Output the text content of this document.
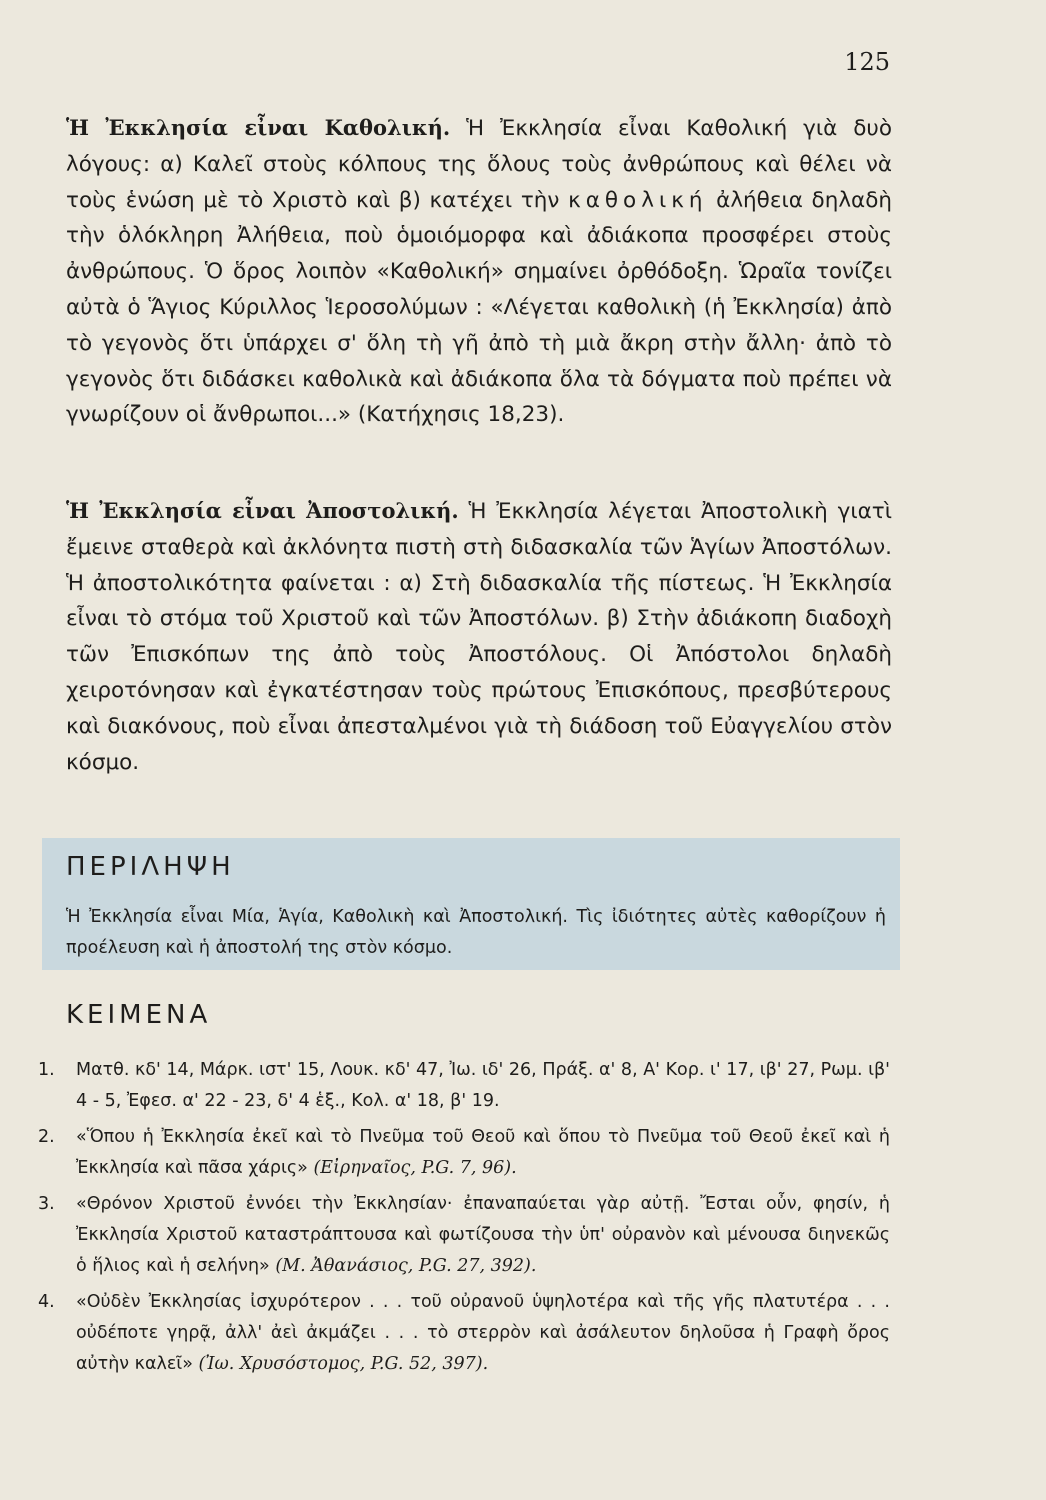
125
Ἡ Ἐκκλησία εἶναι Καθολική. Ἡ Ἐκκλησία εἶναι Καθολική γιὰ δυὸ λόγους: α) Καλεῖ στοὺς κόλπους της ὅλους τοὺς ἀνθρώπους καὶ θέλει νὰ τοὺς ἑνώση μὲ τὸ Χριστὸ καὶ β) κατέχει τὴν καθολική ἀλήθεια δηλαδὴ τὴν ὁλόκληρη Ἀλήθεια, ποὺ ὁμοιόμορφα καὶ ἀδιάκοπα προσφέρει στοὺς ἀνθρώπους. Ὁ ὅρος λοιπὸν «Καθολική» σημαίνει ὀρθόδοξη. Ὡραῖα τονίζει αὐτὰ ὁ Ἅγιος Κύριλλος Ἱεροσολύμων : «Λέγεται καθολικὴ (ἡ Ἐκκλησία) ἀπὸ τὸ γεγονὸς ὅτι ὑπάρχει σ' ὅλη τὴ γῆ ἀπὸ τὴ μιὰ ἄκρη στὴν ἄλλη· ἀπὸ τὸ γεγονὸς ὅτι διδάσκει καθολικὰ καὶ ἀδιάκοπα ὅλα τὰ δόγματα ποὺ πρέπει νὰ γνωρίζουν οἱ ἄνθρωποι...» (Κατήχησις 18,23).
Ἡ Ἐκκλησία εἶναι Ἀποστολική. Ἡ Ἐκκλησία λέγεται Ἀποστολικὴ γιατὶ ἔμεινε σταθερὰ καὶ ἀκλόνητα πιστὴ στὴ διδασκαλία τῶν Ἁγίων Ἀποστόλων. Ἡ ἀποστολικότητα φαίνεται : α) Στὴ διδασκαλία τῆς πίστεως. Ἡ Ἐκκλησία εἶναι τὸ στόμα τοῦ Χριστοῦ καὶ τῶν Ἀποστόλων. β) Στὴν ἀδιάκοπη διαδοχὴ τῶν Ἐπισκόπων της ἀπὸ τοὺς Ἀποστόλους. Οἱ Ἀπόστολοι δηλαδὴ χειροτόνησαν καὶ ἐγκατέστησαν τοὺς πρώτους Ἐπισκόπους, πρεσβύτερους καὶ διακόνους, ποὺ εἶναι ἀπεσταλμένοι γιὰ τὴ διάδοση τοῦ Εὐαγγελίου στὸν κόσμο.
ΠΕΡΙΛΗΨΗ
Ἡ Ἐκκλησία εἶναι Μία, Ἁγία, Καθολικὴ καὶ Ἀποστολική. Τὶς ἰδιότητες αὐτὲς καθορίζουν ἡ προέλευση καὶ ἡ ἀποστολή της στὸν κόσμο.
ΚΕΙΜΕΝΑ
1.	Ματθ. κδ' 14, Μάρκ. ιστ' 15, Λουκ. κδ' 47, Ἰω. ιδ' 26, Πράξ. α' 8, Α' Κορ. ι' 17, ιβ' 27, Ρωμ. ιβ' 4 - 5, Ἐφεσ. α' 22 - 23, δ' 4 ἑξ., Κολ. α' 18, β' 19.
2.	«Ὅπου ἡ Ἐκκλησία ἐκεῖ καὶ τὸ Πνεῦμα τοῦ Θεοῦ καὶ ὅπου τὸ Πνεῦμα τοῦ Θεοῦ ἐκεῖ καὶ ἡ Ἐκκλησία καὶ πᾶσα χάρις» (Εἰρηναῖος, P.G. 7, 96).
3.	«Θρόνον Χριστοῦ ἐννόει τὴν Ἐκκλησίαν· ἐπαναπαύεται γὰρ αὐτῇ. Ἔσται οὖν, φησίν, ἡ Ἐκκλησία Χριστοῦ καταστράπτουσα καὶ φωτίζουσα τὴν ὑπ' οὐρανὸν καὶ μένουσα διηνεκῶς ὁ ἥλιος καὶ ἡ σελήνη» (Μ. Ἀθανάσιος, P.G. 27, 392).
4.	«Οὐδὲν Ἐκκλησίας ἰσχυρότερον . . . τοῦ οὐρανοῦ ὑψηλοτέρα καὶ τῆς γῆς πλατυτέρα . . . οὐδέποτε γηρᾷ, ἀλλ' ἀεὶ ἀκμάζει . . . τὸ στερρὸν καὶ ἀσάλευτον δηλοῦσα ἡ Γραφὴ ὄρος αὐτὴν καλεῖ» (Ἰω. Χρυσόστομος, P.G. 52, 397).
